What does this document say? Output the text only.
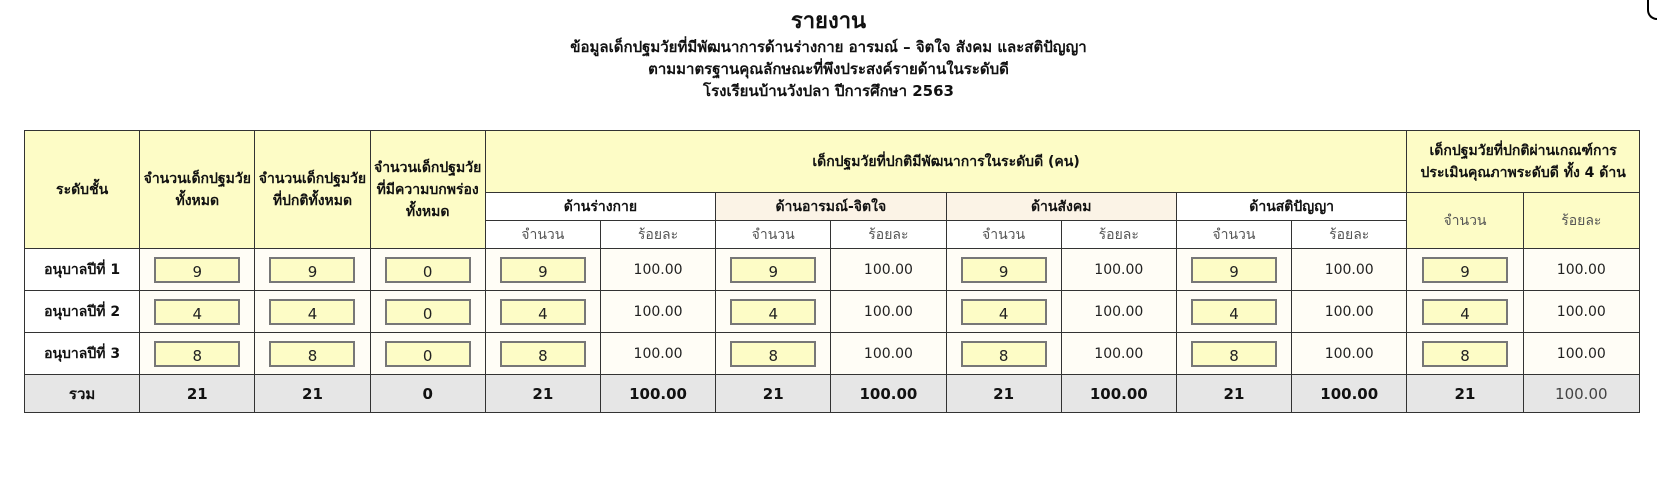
รายงาน
ข้อมูลเด็กปฐมวัยที่มีพัฒนาการด้านร่างกาย อารมณ์ – จิตใจ สังคม และสติปัญญา
ตามมาตรฐานคุณลักษณะที่พึงประสงค์รายด้านในระดับดี
โรงเรียนบ้านวังปลา ปีการศึกษา 2563
ระดับชั้น	จำนวนเด็กปฐมวัยทั้งหมด	จำนวนเด็กปฐมวัยที่ปกติทั้งหมด	จำนวนเด็กปฐมวัยที่มีความบกพร่องทั้งหมด	เด็กปฐมวัยที่ปกติมีพัฒนาการในระดับดี (คน)								เด็กปฐมวัยที่ปกติผ่านเกณฑ์การประเมินคุณภาพระดับดี ทั้ง 4 ด้าน	
				ด้านร่างกาย		ด้านอารมณ์-จิตใจ		ด้านสังคม		ด้านสติปัญญา		จำนวน	ร้อยละ
				จำนวน	ร้อยละ	จำนวน	ร้อยละ	จำนวน	ร้อยละ	จำนวน	ร้อยละ		
อนุบาลปีที่ 1	9	9	0	9	100.00	9	100.00	9	100.00	9	100.00	9	100.00
อนุบาลปีที่ 2	4	4	0	4	100.00	4	100.00	4	100.00	4	100.00	4	100.00
อนุบาลปีที่ 3	8	8	0	8	100.00	8	100.00	8	100.00	8	100.00	8	100.00
รวม	21	21	0	21	100.00	21	100.00	21	100.00	21	100.00	21	100.00
